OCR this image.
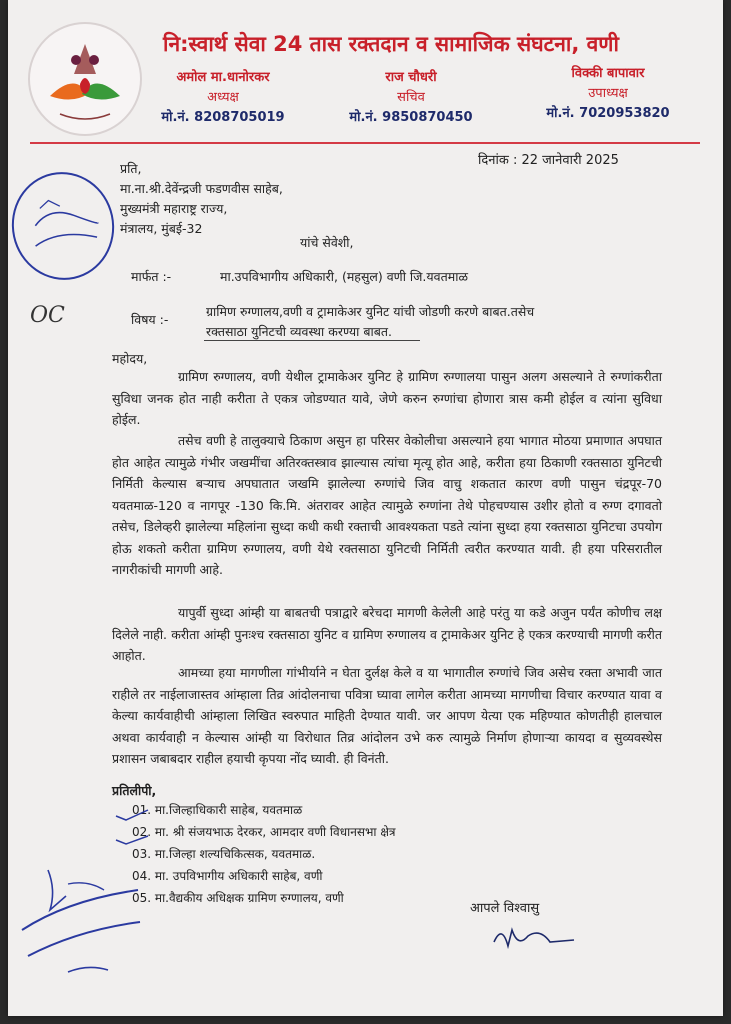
नि:स्वार्थ सेवा 24 तास रक्तदान व सामाजिक संघटना, वणी
अमोल मा.धानोरकर
अध्यक्ष
मो.नं. 8208705019
राज चौधरी
सचिव
मो.नं. 9850870450
विक्की बापावार
उपाध्यक्ष
मो.नं. 7020953820
दिनांक : 22 जानेवारी 2025
प्रति,
मा.ना.श्री.देवेंन्द्रजी फडणवीस साहेब,
मुख्यमंत्री महाराष्ट्र राज्य,
मंत्रालय, मुंबई-32
यांचे सेवेशी,
मार्फत :-	मा.उपविभागीय अधिकारी, (महसुल) वणी जि.यवतमाळ
OC	विषय :-
ग्रामिण रुग्णालय,वणी व ट्रामाकेअर युनिट यांची जोडणी करणे बाबत.तसेच
रक्तसाठा युनिटची व्यवस्था करण्या बाबत.
महोदय,
ग्रामिण रुग्णालय, वणी येथील ट्रामाकेअर युनिट हे ग्रामिण रुग्णालया पासुन अलग असल्याने ते रुग्णांकरीता सुविधा जनक होत नाही करीता ते एकत्र जोडण्यात यावे, जेणे करुन रुग्णांचा होणारा त्रास कमी होईल व त्यांना सुविधा होईल.
तसेच वणी हे तालुक्याचे ठिकाण असुन हा परिसर वेकोलीचा असल्याने हया भागात मोठया प्रमाणात अपघात होत आहेत त्यामुळे गंभीर जखमींचा अतिरक्तस्त्राव झाल्यास त्यांचा मृत्यू होत आहे, करीता हया ठिकाणी रक्तसाठा युनिटची निर्मिती केल्यास बऱ्याच अपघातात जखमि झालेल्या रुग्णांचे जिव वाचु शकतात कारण वणी पासुन चंद्रपूर-70 यवतमाळ-120 व नागपूर -130 कि.मि. अंतरावर आहेत त्यामुळे रुग्णांना तेथे पोहचण्यास उशीर होतो व रुग्ण दगावतो तसेच, डिलेव्हरी झालेल्या महिलांना सुध्दा कधी कधी रक्ताची आवश्यकता पडते त्यांना सुध्दा हया रक्तसाठा युनिटचा उपयोग होऊ शकतो करीता ग्रामिण रुग्णालय, वणी येथे रक्तसाठा युनिटची निर्मिती त्वरीत करण्यात यावी. ही हया परिसरातील नागरीकांची मागणी आहे.
यापुर्वी सुध्दा आंम्ही या बाबतची पत्राद्वारे बरेचदा मागणी केलेली आहे परंतु या कडे अजुन पर्यंत कोणीच लक्ष दिलेले नाही. करीता आंम्ही पुनःश्च रक्तसाठा युनिट व ग्रामिण रुग्णालय व ट्रामाकेअर युनिट हे एकत्र करण्याची मागणी करीत आहोत.
आमच्या हया मागणीला गांभीर्याने न घेता दुर्लक्ष केले व या भागातील रुग्णांचे जिव असेच रक्ता अभावी जात राहीले तर नाईलाजास्तव आंम्हाला तिव्र आंदोलनाचा पवित्रा घ्यावा लागेल करीता आमच्या मागणीचा विचार करण्यात यावा व केल्या कार्यवाहीची आंम्हाला लिखित स्वरुपात माहिती देण्यात यावी. जर आपण येत्या एक महिण्यात कोणतीही हालचाल अथवा कार्यवाही न केल्यास आंम्ही या विरोधात तिव्र आंदोलन उभे करु त्यामुळे निर्माण होणाऱ्या कायदा व सुव्यवस्थेस प्रशासन जबाबदार राहील हयाची कृपया नोंद घ्यावी. ही विनंती.
प्रतिलीपी,
01. मा.जिल्हाधिकारी साहेब, यवतमाळ
02. मा. श्री संजयभाऊ देरकर, आमदार वणी विधानसभा क्षेत्र
03. मा.जिल्हा शल्यचिकित्सक, यवतमाळ.
04. मा. उपविभागीय अधिकारी साहेब, वणी
05. मा.वैद्यकीय अधिक्षक ग्रामिण रुग्णालय, वणी
आपले विश्वासु
